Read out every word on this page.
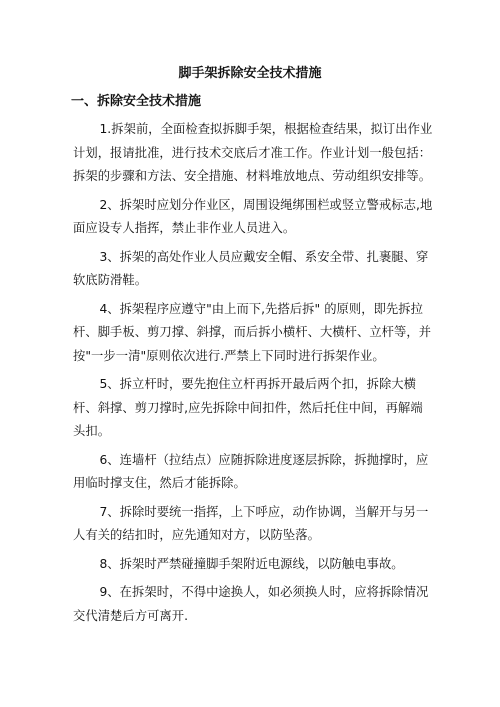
脚手架拆除安全技术措施
一、拆除安全技术措施

1.拆架前，全面检查拟拆脚手架，根据检查结果，拟订出作业计划，报请批准，进行技术交底后才准工作。作业计划一般包括：拆架的步骤和方法、安全措施、材料堆放地点、劳动组织安排等。

2、拆架时应划分作业区，周围设绳绑围栏或竖立警戒标志,地面应设专人指挥，禁止非作业人员进入。

3、拆架的高处作业人员应戴安全帽、系安全带、扎裹腿、穿软底防滑鞋。

4、拆架程序应遵守"由上而下,先搭后拆" 的原则，即先拆拉杆、脚手板、剪刀撑、斜撑，而后拆小横杆、大横杆、立杆等，并按"一步一清"原则依次进行.严禁上下同时进行拆架作业。

5、拆立杆时，要先抱住立杆再拆开最后两个扣，拆除大横杆、斜撑、剪刀撑时,应先拆除中间扣件，然后托住中间，再解端头扣。

6、连墙杆（拉结点）应随拆除进度逐层拆除，拆抛撑时，应用临时撑支住，然后才能拆除。

7、拆除时要统一指挥，上下呼应，动作协调，当解开与另一人有关的结扣时，应先通知对方，以防坠落。

8、拆架时严禁碰撞脚手架附近电源线，以防触电事故。

9、在拆架时，不得中途换人，如必须换人时，应将拆除情况交代清楚后方可离开.
